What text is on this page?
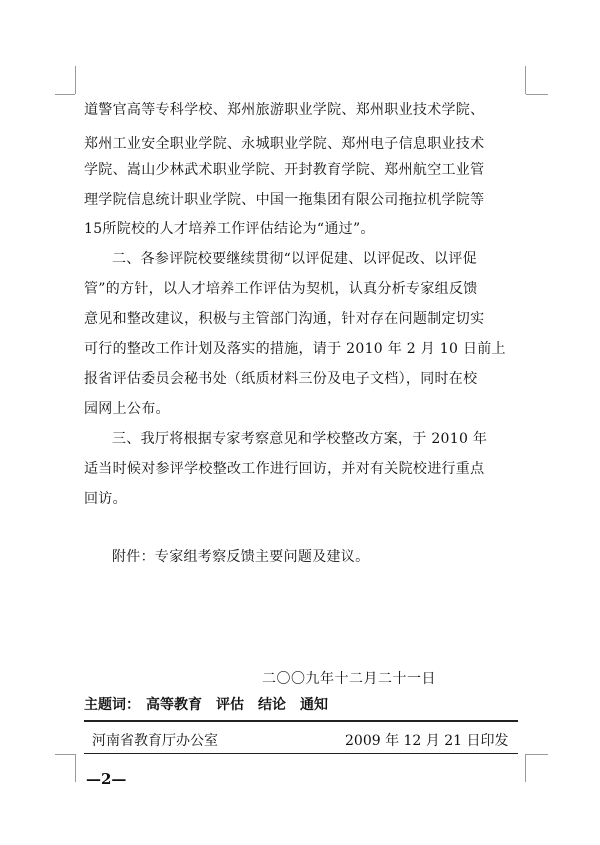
道警官高等专科学校、郑州旅游职业学院、郑州职业技术学院、
郑州工业安全职业学院、永城职业学院、郑州电子信息职业技术
学院、嵩山少林武术职业学院、开封教育学院、郑州航空工业管
理学院信息统计职业学院、中国一拖集团有限公司拖拉机学院等
15所院校的人才培养工作评估结论为“通过”。
二、各参评院校要继续贯彻“以评促建、以评促改、以评促
管”的方针，以人才培养工作评估为契机，认真分析专家组反馈
意见和整改建议，积极与主管部门沟通，针对存在问题制定切实
可行的整改工作计划及落实的措施，请于 2010 年 2 月 10 日前上
报省评估委员会秘书处（纸质材料三份及电子文档），同时在校
园网上公布。
三、我厅将根据专家考察意见和学校整改方案，于 2010 年
适当时候对参评学校整改工作进行回访，并对有关院校进行重点
回访。
附件：专家组考察反馈主要问题及建议。
二〇〇九年十二月二十一日
主题词： 高等教育 评估 结论 通知
河南省教育厅办公室	2009 年 12 月 21 日印发
—2—
